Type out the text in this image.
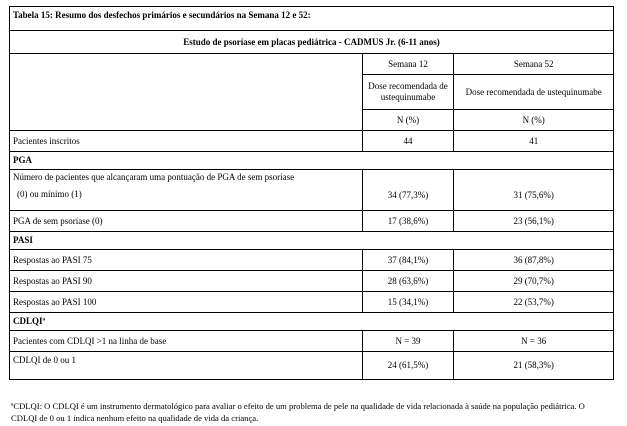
Tabela 15: Resumo dos desfechos primários e secundários na Semana 12 e 52:		
Estudo de psoríase em placas pediátrica - CADMUS Jr. (6-11 anos)		
	Semana 12	Semana 52
	Dose recomendada de ustequinumabe	Dose recomendada de ustequinumabe
	N (%)	N (%)
Pacientes inscritos	44	41
PGA		

Número de pacientes que alcançaram uma pontuação de PGA de sem psoríase
(0) ou mínimo (1)	34 (77,3%)	31 (75,6%)
PGA de sem psoríase (0)	17 (38,6%)	23 (56,1%)
PASI		
Respostas ao PASI 75	37 (84,1%)	36 (87,8%)
Respostas ao PASI 90	28 (63,6%)	29 (70,7%)
Respostas ao PASI 100	15 (34,1%)	22 (53,7%)
CDLQIª		
Pacientes com CDLQI >1 na linha de base	N = 39	N = 36
CDLQI de 0 ou 1	24 (61,5%)	21 (58,3%)
ªCDLQI: O CDLQI é um instrumento dermatológico para avaliar o efeito de um problema de pele na qualidade de vida relacionada à saúde na população pediátrica. O CDLQI de 0 ou 1 indica nenhum efeito na qualidade de vida da criança.
